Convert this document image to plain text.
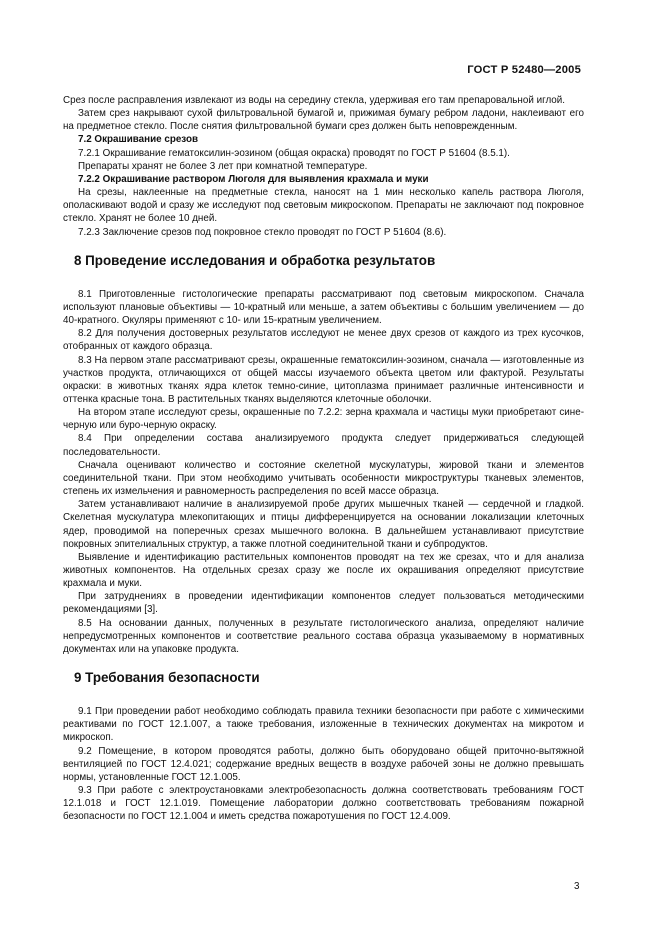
ГОСТ Р 52480—2005

Срез после расправления извлекают из воды на середину стекла, удерживая его там препаровальной иглой.

Затем срез накрывают сухой фильтровальной бумагой и, прижимая бумагу ребром ладони, наклеивают его на предметное стекло. После снятия фильтровальной бумаги срез должен быть неповрежденным.

7.2 Окрашивание срезов

7.2.1 Окрашивание гематоксилин-эозином (общая окраска) проводят по ГОСТ Р 51604 (8.5.1).

Препараты хранят не более 3 лет при комнатной температуре.

7.2.2 Окрашивание раствором Люголя для выявления крахмала и муки

На срезы, наклеенные на предметные стекла, наносят на 1 мин несколько капель раствора Люголя, ополаскивают водой и сразу же исследуют под световым микроскопом. Препараты не заключают под покровное стекло. Хранят не более 10 дней.

7.2.3 Заключение срезов под покровное стекло проводят по ГОСТ Р 51604 (8.6).

8 Проведение исследования и обработка результатов

8.1 Приготовленные гистологические препараты рассматривают под световым микроскопом. Сначала используют плановые объективы — 10-кратный или меньше, а затем объективы с большим увеличением — до 40-кратного. Окуляры применяют с 10- или 15-кратным увеличением.

8.2 Для получения достоверных результатов исследуют не менее двух срезов от каждого из трех кусочков, отобранных от каждого образца.

8.3 На первом этапе рассматривают срезы, окрашенные гематоксилин-эозином, сначала — изготовленные из участков продукта, отличающихся от общей массы изучаемого объекта цветом или фактурой. Результаты окраски: в животных тканях ядра клеток темно-синие, цитоплазма принимает различные интенсивности и оттенка красные тона. В растительных тканях выделяются клеточные оболочки.

На втором этапе исследуют срезы, окрашенные по 7.2.2: зерна крахмала и частицы муки приобретают сине-черную или буро-черную окраску.

8.4 При определении состава анализируемого продукта следует придерживаться следующей последовательности.

Сначала оценивают количество и состояние скелетной мускулатуры, жировой ткани и элементов соединительной ткани. При этом необходимо учитывать особенности микроструктуры тканевых элементов, степень их измельчения и равномерность распределения по всей массе образца.

Затем устанавливают наличие в анализируемой пробе других мышечных тканей — сердечной и гладкой. Скелетная мускулатура млекопитающих и птицы дифференцируется на основании локализации клеточных ядер, проводимой на поперечных срезах мышечного волокна. В дальнейшем устанавливают присутствие покровных эпителиальных структур, а также плотной соединительной ткани и субпродуктов.

Выявление и идентификацию растительных компонентов проводят на тех же срезах, что и для анализа животных компонентов. На отдельных срезах сразу же после их окрашивания определяют присутствие крахмала и муки.

При затруднениях в проведении идентификации компонентов следует пользоваться методическими рекомендациями [3].

8.5 На основании данных, полученных в результате гистологического анализа, определяют наличие непредусмотренных компонентов и соответствие реального состава образца указываемому в нормативных документах или на упаковке продукта.

9 Требования безопасности

9.1 При проведении работ необходимо соблюдать правила техники безопасности при работе с химическими реактивами по ГОСТ 12.1.007, а также требования, изложенные в технических документах на микротом и микроскоп.

9.2 Помещение, в котором проводятся работы, должно быть оборудовано общей приточно-вытяжной вентиляцией по ГОСТ 12.4.021; содержание вредных веществ в воздухе рабочей зоны не должно превышать нормы, установленные ГОСТ 12.1.005.

9.3 При работе с электроустановками электробезопасность должна соответствовать требованиям ГОСТ 12.1.018 и ГОСТ 12.1.019. Помещение лаборатории должно соответствовать требованиям пожарной безопасности по ГОСТ 12.1.004 и иметь средства пожаротушения по ГОСТ 12.4.009.

3
